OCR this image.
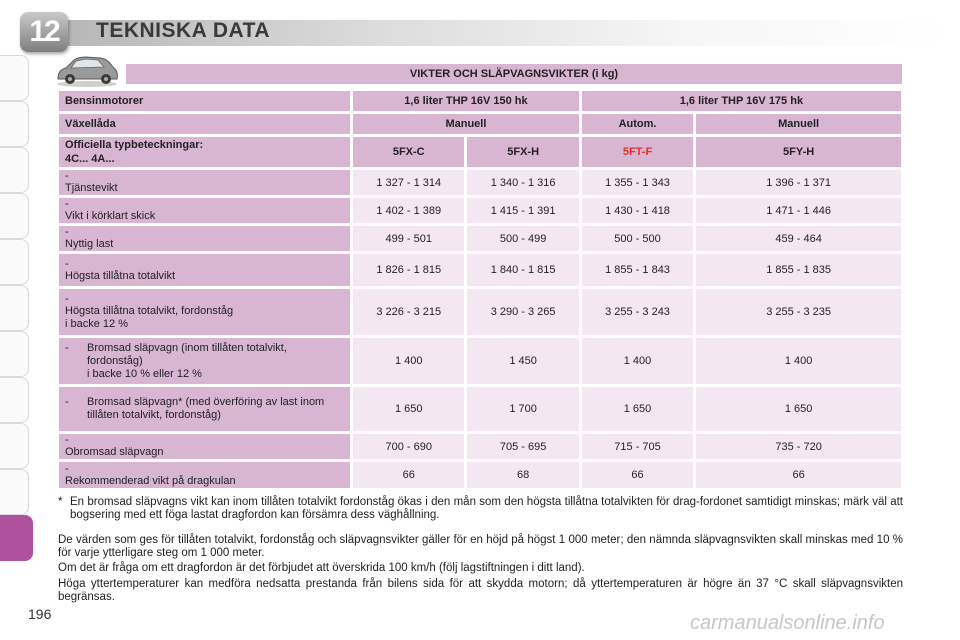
12	TEKNISKA DATA
VIKTER OCH SLÄPVAGNSVIKTER (i kg)
Bensinmotorer	1,6 liter THP 16V 150 hk		1,6 liter THP 16V 175 hk	
Växellåda	Manuell		Autom.	Manuell
Officiella typbeteckningar:
4C... 4A...	5FX-C	5FX-H	5FT-F	5FY-H
-Tjänstevikt	1 327 - 1 314	1 340 - 1 316	1 355 - 1 343	1 396 - 1 371
-Vikt i körklart skick	1 402 - 1 389	1 415 - 1 391	1 430 - 1 418	1 471 - 1 446
-Nyttig last	499 - 501	500 - 499	500 - 500	459 - 464
-Högsta tillåtna totalvikt	1 826 - 1 815	1 840 - 1 815	1 855 - 1 843	1 855 - 1 835
-Högsta tillåtna totalvikt, fordonståg
i backe 12 %	3 226 - 3 215	3 290 - 3 265	3 255 - 3 243	3 255 - 3 235
- Bromsad släpvagn (inom tillåten totalvikt, fordonståg)
i backe 10 % eller 12 %	1 400	1 450	1 400	1 400
- Bromsad släpvagn* (med överföring av last inom tillåten totalvikt, fordonståg)	1 650	1 700	1 650	1 650
-Obromsad släpvagn	700 - 690	705 - 695	715 - 705	735 - 720
-Rekommenderad vikt på dragkulan	66	68	66	66
* En bromsad släpvagns vikt kan inom tillåten totalvikt fordonståg ökas i den mån som den högsta tillåtna totalvikten för drag-fordonet samtidigt minskas; märk väl att bogsering med ett föga lastat dragfordon kan försämra dess väghållning.
De värden som ges för tillåten totalvikt, fordonståg och släpvagnsvikter gäller för en höjd på högst 1 000 meter; den nämnda släpvagnsvikten skall minskas med 10 % för varje ytterligare steg om 1 000 meter.
Om det är fråga om ett dragfordon är det förbjudet att överskrida 100 km/h (följ lagstiftningen i ditt land).
Höga yttertemperaturer kan medföra nedsatta prestanda från bilens sida för att skydda motorn; då yttertemperaturen är högre än 37 °C skall släpvagnsvikten begränsas.
196	carmanualsonline.info
